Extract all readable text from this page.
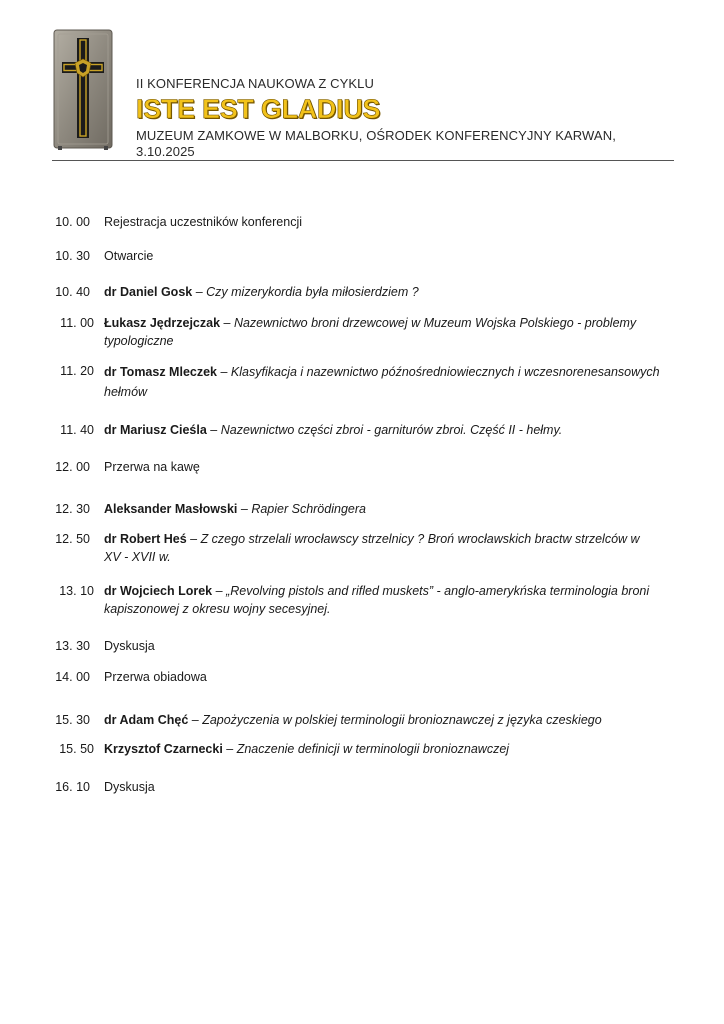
II KONFERENCJA NAUKOWA Z CYKLU

ISTE EST GLADIUS

MUZEUM ZAMKOWE W MALBORKU, OŚRODEK KONFERENCYJNY KARWAN, 3.10.2025

10. 00 Rejestracja uczestników konferencji
10. 30 Otwarcie
10. 40 dr Daniel Gosk – Czy mizerykordia była miłosierdziem ?
11. 00 Łukasz Jędrzejczak – Nazewnictwo broni drzewcowej w Muzeum Wojska Polskiego - problemy typologiczne
11. 20 dr Tomasz Mleczek – Klasyfikacja i nazewnictwo późnośredniowiecznych i wczesnorenesansowych hełmów
11. 40 dr Mariusz Cieśla – Nazewnictwo części zbroi - garniturów zbroi. Część II - hełmy.
12. 00 Przerwa na kawę
12. 30 Aleksander Masłowski – Rapier Schrödingera
12. 50 dr Robert Heś – Z czego strzelali wrocławscy strzelnicy ? Broń wrocławskich bractw strzelców w XV - XVII w.
13. 10 dr Wojciech Lorek – „Revolving pistols and rifled muskets” - anglo-amerykńska terminologia broni kapiszonowej z okresu wojny secesyjnej.
13. 30 Dyskusja
14. 00 Przerwa obiadowa
15. 30 dr Adam Chęć – Zapożyczenia w polskiej terminologii bronioznawczej z języka czeskiego
15. 50 Krzysztof Czarnecki – Znaczenie definicji w terminologii bronioznawczej
16. 10 Dyskusja
